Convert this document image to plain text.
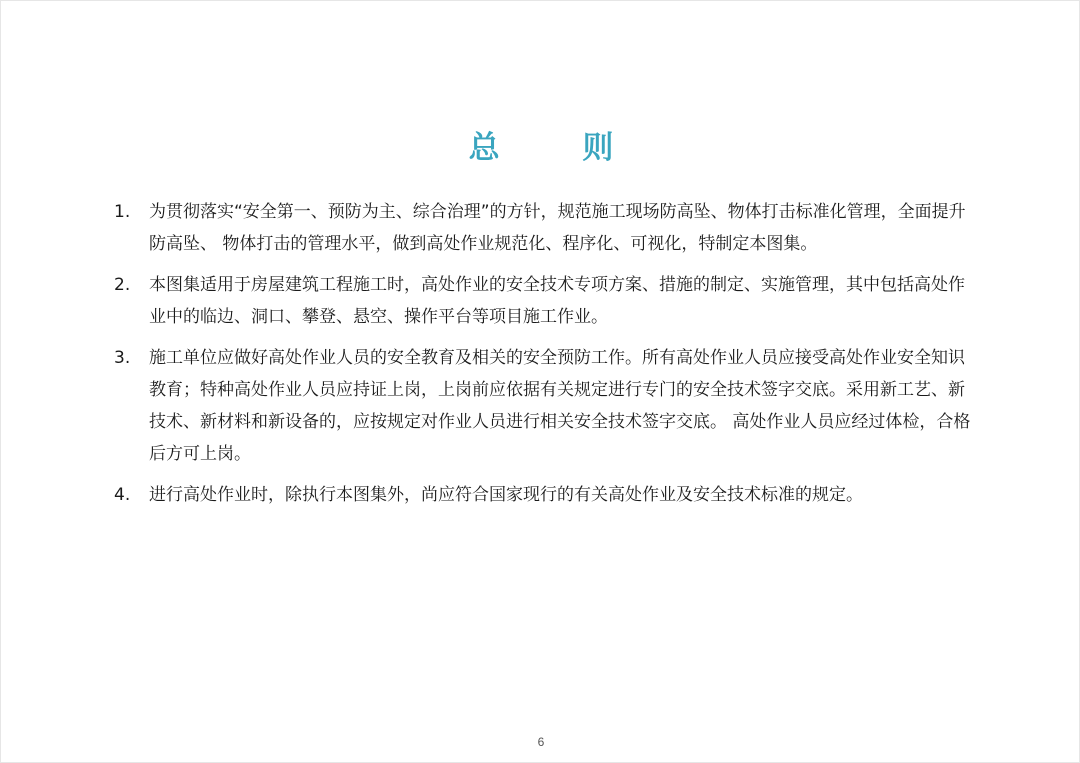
总 则
1.	为贯彻落实“安全第一、预防为主、综合治理”的方针，规范施工现场防高坠、物体打击标准化管理，全面提升防高坠、 物体打击的管理水平，做到高处作业规范化、程序化、可视化，特制定本图集。
2.	本图集适用于房屋建筑工程施工时，高处作业的安全技术专项方案、措施的制定、实施管理，其中包括高处作业中的临边、洞口、攀登、悬空、操作平台等项目施工作业。
3.	施工单位应做好高处作业人员的安全教育及相关的安全预防工作。所有高处作业人员应接受高处作业安全知识教育；特种高处作业人员应持证上岗，上岗前应依据有关规定进行专门的安全技术签字交底。采用新工艺、新技术、新材料和新设备的，应按规定对作业人员进行相关安全技术签字交底。 高处作业人员应经过体检，合格后方可上岗。
4.	进行高处作业时，除执行本图集外，尚应符合国家现行的有关高处作业及安全技术标准的规定。
6
